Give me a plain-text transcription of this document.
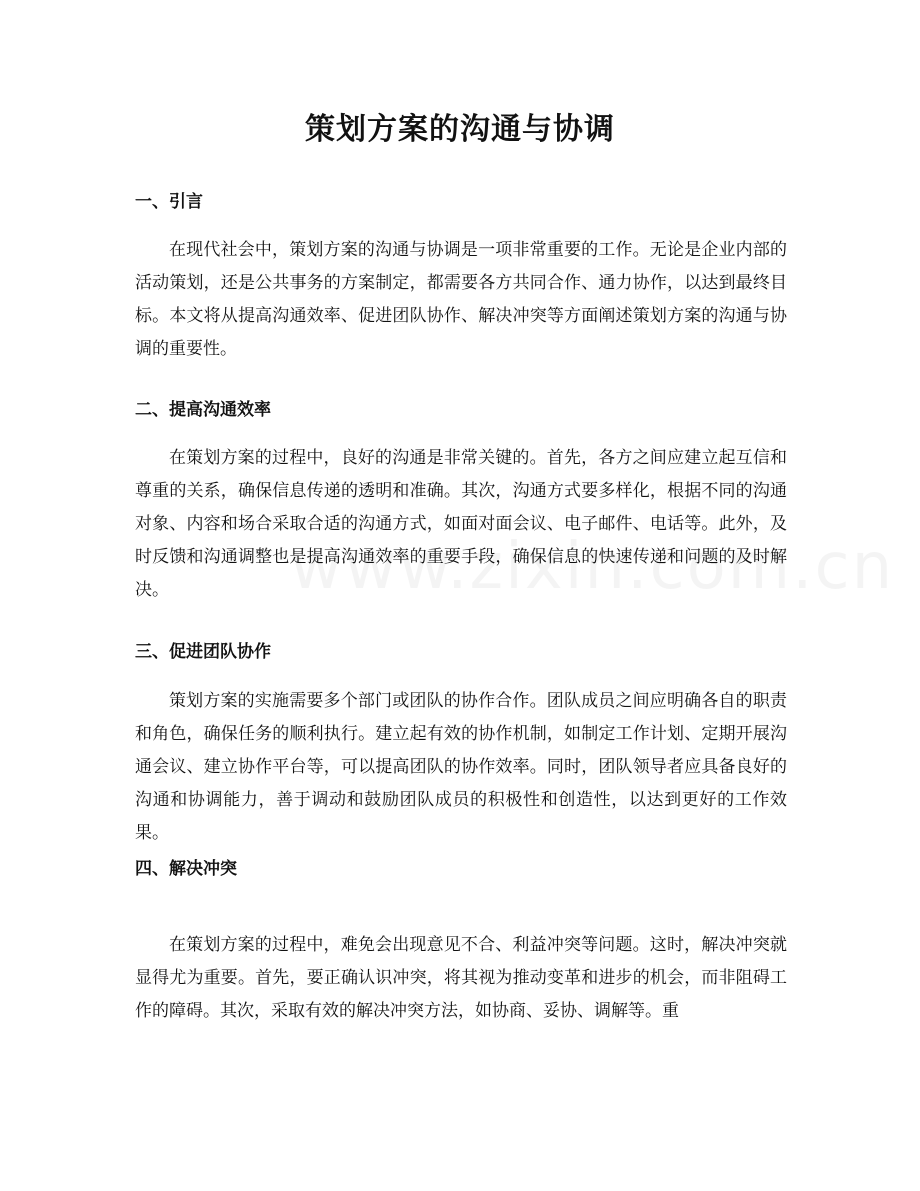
策划方案的沟通与协调
一、引言

在现代社会中，策划方案的沟通与协调是一项非常重要的工作。无论是企业内部的活动策划，还是公共事务的方案制定，都需要各方共同合作、通力协作，以达到最终目标。本文将从提高沟通效率、促进团队协作、解决冲突等方面阐述策划方案的沟通与协调的重要性。

二、提高沟通效率

在策划方案的过程中，良好的沟通是非常关键的。首先，各方之间应建立起互信和尊重的关系，确保信息传递的透明和准确。其次，沟通方式要多样化，根据不同的沟通对象、内容和场合采取合适的沟通方式，如面对面会议、电子邮件、电话等。此外，及时反馈和沟通调整也是提高沟通效率的重要手段，确保信息的快速传递和问题的及时解决。

三、促进团队协作

策划方案的实施需要多个部门或团队的协作合作。团队成员之间应明确各自的职责和角色，确保任务的顺利执行。建立起有效的协作机制，如制定工作计划、定期开展沟通会议、建立协作平台等，可以提高团队的协作效率。同时，团队领导者应具备良好的沟通和协调能力，善于调动和鼓励团队成员的积极性和创造性，以达到更好的工作效果。

四、解决冲突

在策划方案的过程中，难免会出现意见不合、利益冲突等问题。这时，解决冲突就显得尤为重要。首先，要正确认识冲突，将其视为推动变革和进步的机会，而非阻碍工作的障碍。其次，采取有效的解决冲突方法，如协商、妥协、调解等。重
